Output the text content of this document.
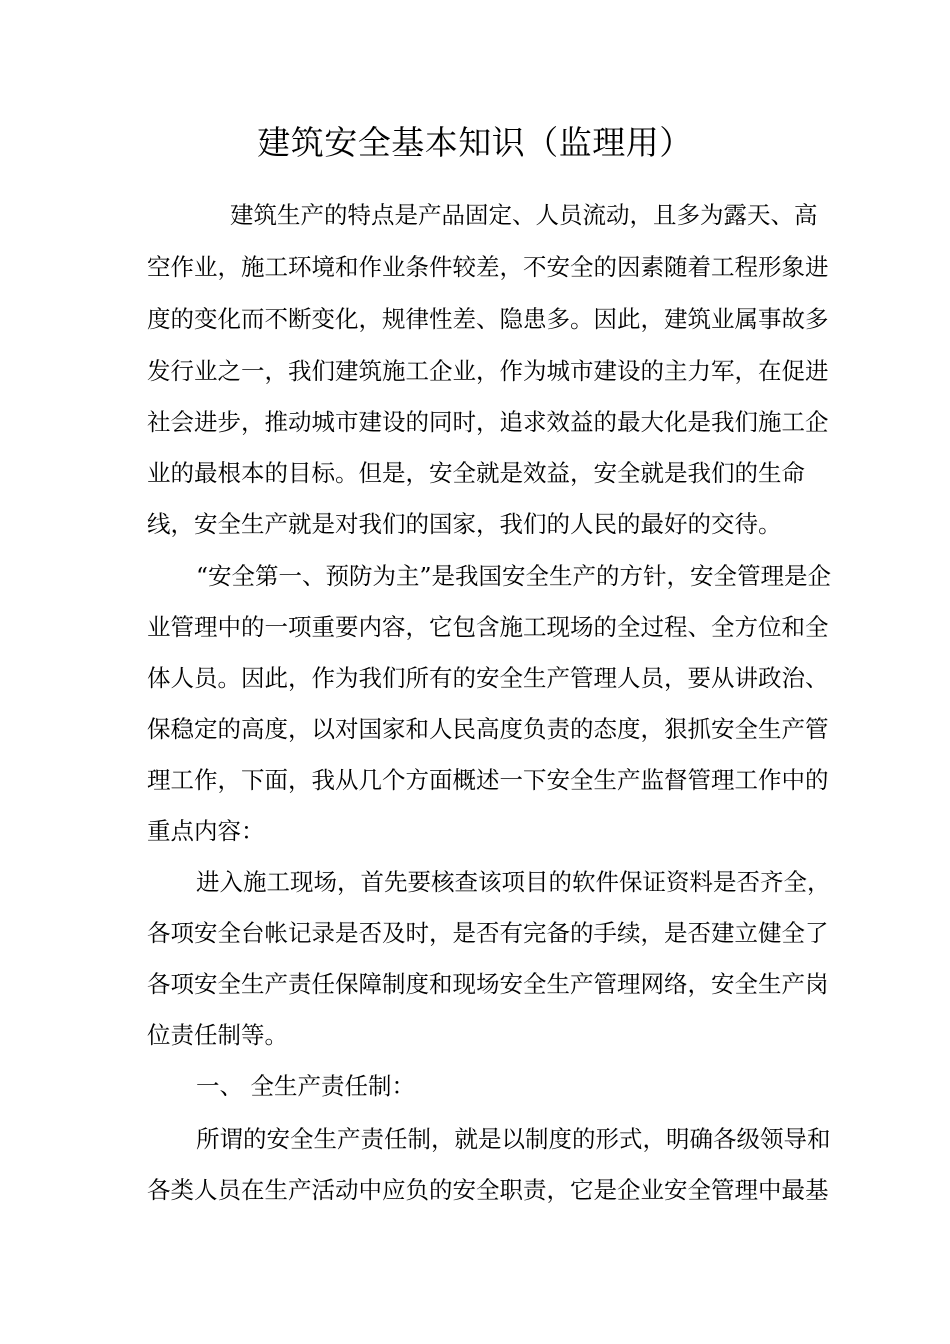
建筑安全基本知识（监理用）
建筑生产的特点是产品固定、人员流动，且多为露天、高
空作业，施工环境和作业条件较差，不安全的因素随着工程形象进
度的变化而不断变化，规律性差、隐患多。因此，建筑业属事故多
发行业之一，我们建筑施工企业，作为城市建设的主力军，在促进
社会进步，推动城市建设的同时，追求效益的最大化是我们施工企
业的最根本的目标。但是，安全就是效益，安全就是我们的生命
线，安全生产就是对我们的国家，我们的人民的最好的交待。
“安全第一、预防为主”是我国安全生产的方针，安全管理是企
业管理中的一项重要内容，它包含施工现场的全过程、全方位和全
体人员。因此，作为我们所有的安全生产管理人员，要从讲政治、
保稳定的高度，以对国家和人民高度负责的态度，狠抓安全生产管
理工作，下面，我从几个方面概述一下安全生产监督管理工作中的
重点内容：
进入施工现场，首先要核查该项目的软件保证资料是否齐全，
各项安全台帐记录是否及时，是否有完备的手续，是否建立健全了
各项安全生产责任保障制度和现场安全生产管理网络，安全生产岗
位责任制等。
一、 全生产责任制：
所谓的安全生产责任制，就是以制度的形式，明确各级领导和
各类人员在生产活动中应负的安全职责，它是企业安全管理中最基
